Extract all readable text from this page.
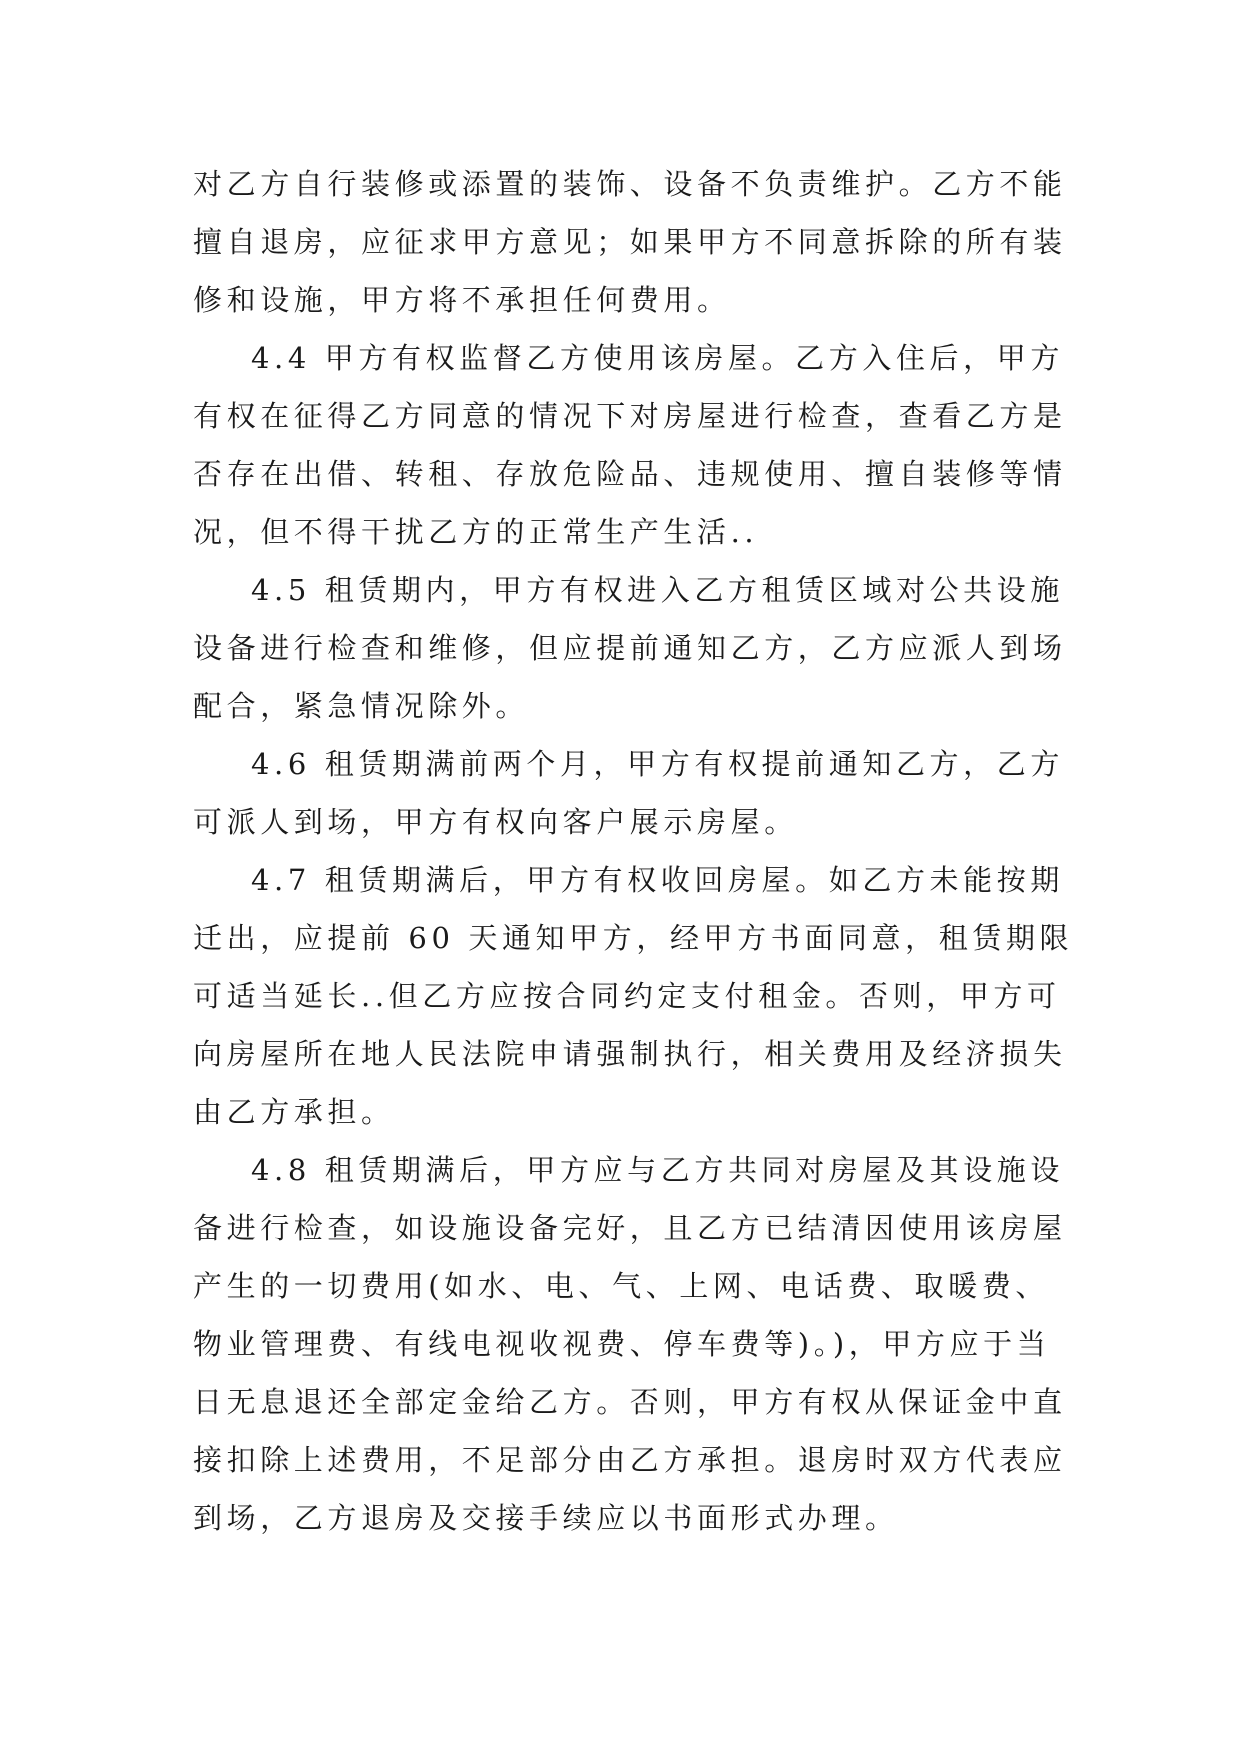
对乙方自行装修或添置的装饰、设备不负责维护。乙方不能
擅自退房，应征求甲方意见；如果甲方不同意拆除的所有装
修和设施，甲方将不承担任何费用。
4.4 甲方有权监督乙方使用该房屋。乙方入住后，甲方
有权在征得乙方同意的情况下对房屋进行检查，查看乙方是
否存在出借、转租、存放危险品、违规使用、擅自装修等情
况，但不得干扰乙方的正常生产生活..
4.5 租赁期内，甲方有权进入乙方租赁区域对公共设施
设备进行检查和维修，但应提前通知乙方，乙方应派人到场
配合，紧急情况除外。
4.6 租赁期满前两个月，甲方有权提前通知乙方，乙方
可派人到场，甲方有权向客户展示房屋。
4.7 租赁期满后，甲方有权收回房屋。如乙方未能按期
迁出，应提前 60 天通知甲方，经甲方书面同意，租赁期限
可适当延长..但乙方应按合同约定支付租金。否则，甲方可
向房屋所在地人民法院申请强制执行，相关费用及经济损失
由乙方承担。
4.8 租赁期满后，甲方应与乙方共同对房屋及其设施设
备进行检查，如设施设备完好，且乙方已结清因使用该房屋
产生的一切费用(如水、电、气、上网、电话费、取暖费、
物业管理费、有线电视收视费、停车费等)。)，甲方应于当
日无息退还全部定金给乙方。否则，甲方有权从保证金中直
接扣除上述费用，不足部分由乙方承担。退房时双方代表应
到场，乙方退房及交接手续应以书面形式办理。
